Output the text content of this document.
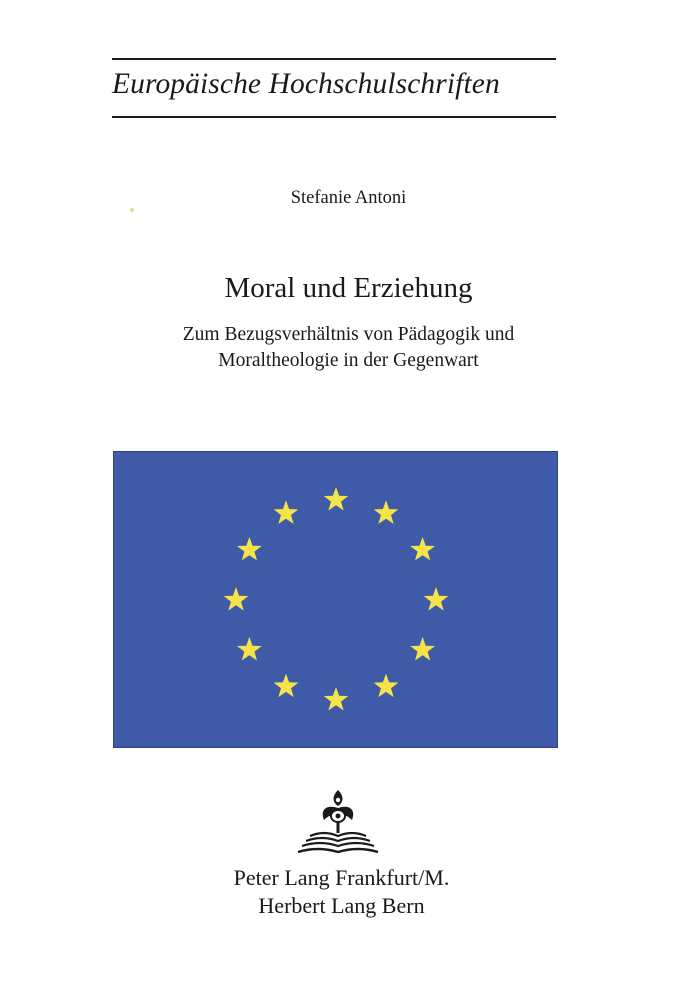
Europäische Hochschulschriften
Stefanie Antoni
Moral und Erziehung
Zum Bezugsverhältnis von Pädagogik und
Moraltheologie in der Gegenwart
Peter Lang Frankfurt/M.
Herbert Lang Bern
